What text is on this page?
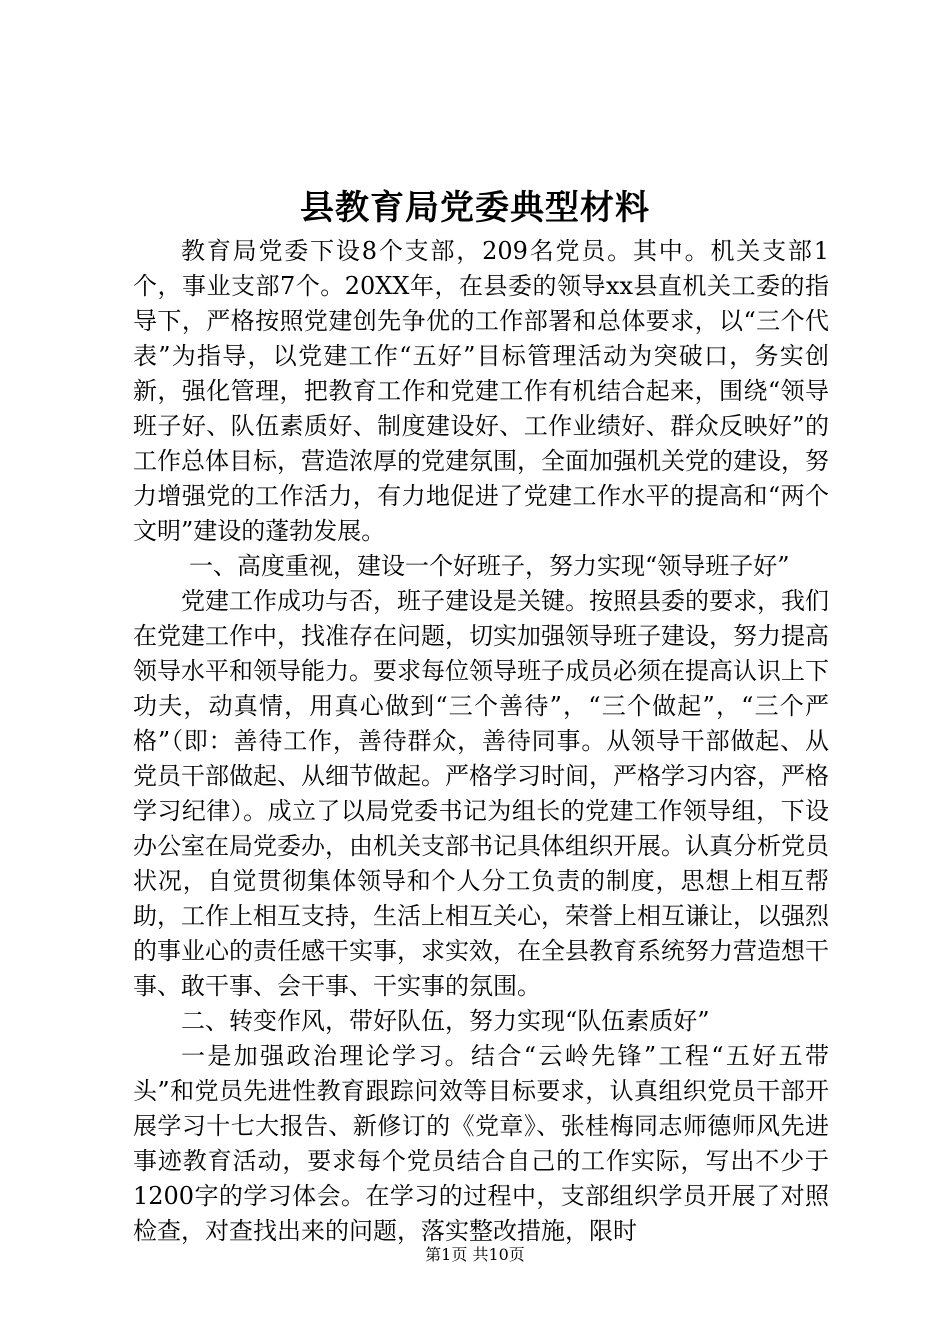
县教育局党委典型材料

教育局党委下设8个支部，209名党员。其中。机关支部1个，事业支部7个。20XX年，在县委的领导xx县直机关工委的指导下，严格按照党建创先争优的工作部署和总体要求，以“三个代表”为指导，以党建工作“五好”目标管理活动为突破口，务实创新，强化管理，把教育工作和党建工作有机结合起来，围绕“领导班子好、队伍素质好、制度建设好、工作业绩好、群众反映好”的工作总体目标，营造浓厚的党建氛围，全面加强机关党的建设，努力增强党的工作活力，有力地促进了党建工作水平的提高和“两个文明”建设的蓬勃发展。

一、高度重视，建设一个好班子，努力实现“领导班子好”

党建工作成功与否，班子建设是关键。按照县委的要求，我们在党建工作中，找准存在问题，切实加强领导班子建设，努力提高领导水平和领导能力。要求每位领导班子成员必须在提高认识上下功夫，动真情，用真心做到“三个善待”，“三个做起”，“三个严格”（即：善待工作，善待群众，善待同事。从领导干部做起、从党员干部做起、从细节做起。严格学习时间，严格学习内容，严格学习纪律）。成立了以局党委书记为组长的党建工作领导组，下设办公室在局党委办，由机关支部书记具体组织开展。认真分析党员状况，自觉贯彻集体领导和个人分工负责的制度，思想上相互帮助，工作上相互支持，生活上相互关心，荣誉上相互谦让，以强烈的事业心的责任感干实事，求实效，在全县教育系统努力营造想干事、敢干事、会干事、干实事的氛围。

二、转变作风，带好队伍，努力实现“队伍素质好”

一是加强政治理论学习。结合“云岭先锋”工程“五好五带头”和党员先进性教育跟踪问效等目标要求，认真组织党员干部开展学习十七大报告、新修订的《党章》、张桂梅同志师德师风先进事迹教育活动，要求每个党员结合自己的工作实际，写出不少于1200字的学习体会。在学习的过程中，支部组织学员开展了对照检查，对查找出来的问题，落实整改措施，限时

第1页 共10页
